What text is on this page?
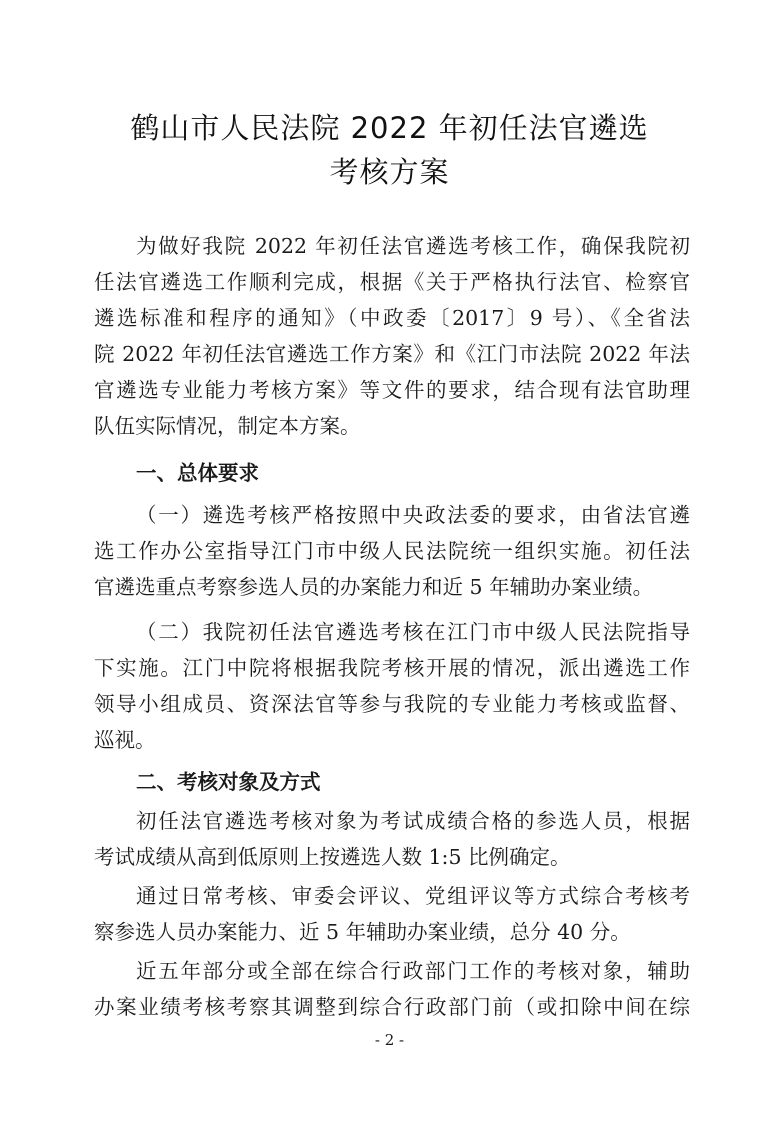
鹤山市人民法院 2022 年初任法官遴选
考核方案
为做好我院 2022 年初任法官遴选考核工作，确保我院初
任法官遴选工作顺利完成，根据《关于严格执行法官、检察官
遴选标准和程序的通知》（中政委〔2017〕9 号）、《全省法
院 2022 年初任法官遴选工作方案》和《江门市法院 2022 年法
官遴选专业能力考核方案》等文件的要求，结合现有法官助理
队伍实际情况，制定本方案。
一、总体要求
（一）遴选考核严格按照中央政法委的要求，由省法官遴
选工作办公室指导江门市中级人民法院统一组织实施。初任法
官遴选重点考察参选人员的办案能力和近 5 年辅助办案业绩。
（二）我院初任法官遴选考核在江门市中级人民法院指导
下实施。江门中院将根据我院考核开展的情况，派出遴选工作
领导小组成员、资深法官等参与我院的专业能力考核或监督、
巡视。
二、考核对象及方式
初任法官遴选考核对象为考试成绩合格的参选人员，根据
考试成绩从高到低原则上按遴选人数 1:5 比例确定。
通过日常考核、审委会评议、党组评议等方式综合考核考
察参选人员办案能力、近 5 年辅助办案业绩，总分 40 分。
近五年部分或全部在综合行政部门工作的考核对象，辅助
办案业绩考核考察其调整到综合行政部门前（或扣除中间在综
- 2 -
